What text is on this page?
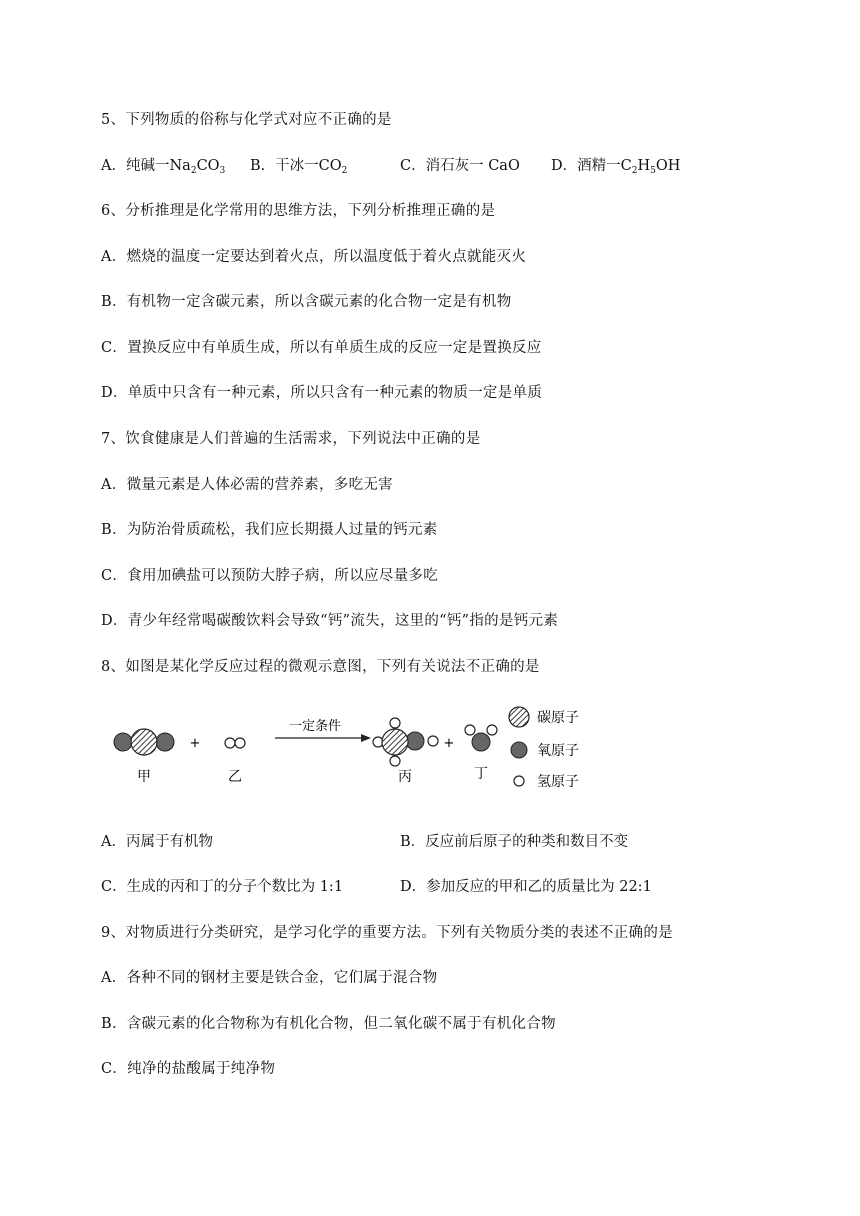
5、下列物质的俗称与化学式对应不正确的是
A．纯碱一$Na_2CO_3$ B．干冰一$CO_2$	C．消石灰一 CaO D．酒精一$C_2H_5OH$
6、分析推理是化学常用的思维方法，下列分析推理正确的是
A．燃烧的温度一定要达到着火点，所以温度低于着火点就能灭火
B．有机物一定含碳元素，所以含碳元素的化合物一定是有机物
C．置换反应中有单质生成，所以有单质生成的反应一定是置换反应
D．单质中只含有一种元素，所以只含有一种元素的物质一定是单质
7、饮食健康是人们普遍的生活需求，下列说法中正确的是
A．微量元素是人体必需的营养素，多吃无害
B．为防治骨质疏松，我们应长期摄人过量的钙元素
C．食用加碘盐可以预防大脖子病，所以应尽量多吃
D．青少年经常喝碳酸饮料会导致“钙”流失，这里的“钙”指的是钙元素
8、如图是某化学反应过程的微观示意图，下列有关说法不正确的是
甲
+
乙
一定条件
丙
+
丁
碳原子
氧原子
氢原子
A．丙属于有机物	B．反应前后原子的种类和数目不变
C．生成的丙和丁的分子个数比为 1:1	D．参加反应的甲和乙的质量比为 22:1
9、对物质进行分类研究，是学习化学的重要方法。下列有关物质分类的表述不正确的是
A．各种不同的钢材主要是铁合金，它们属于混合物
B．含碳元素的化合物称为有机化合物，但二氧化碳不属于有机化合物
C．纯净的盐酸属于纯净物
